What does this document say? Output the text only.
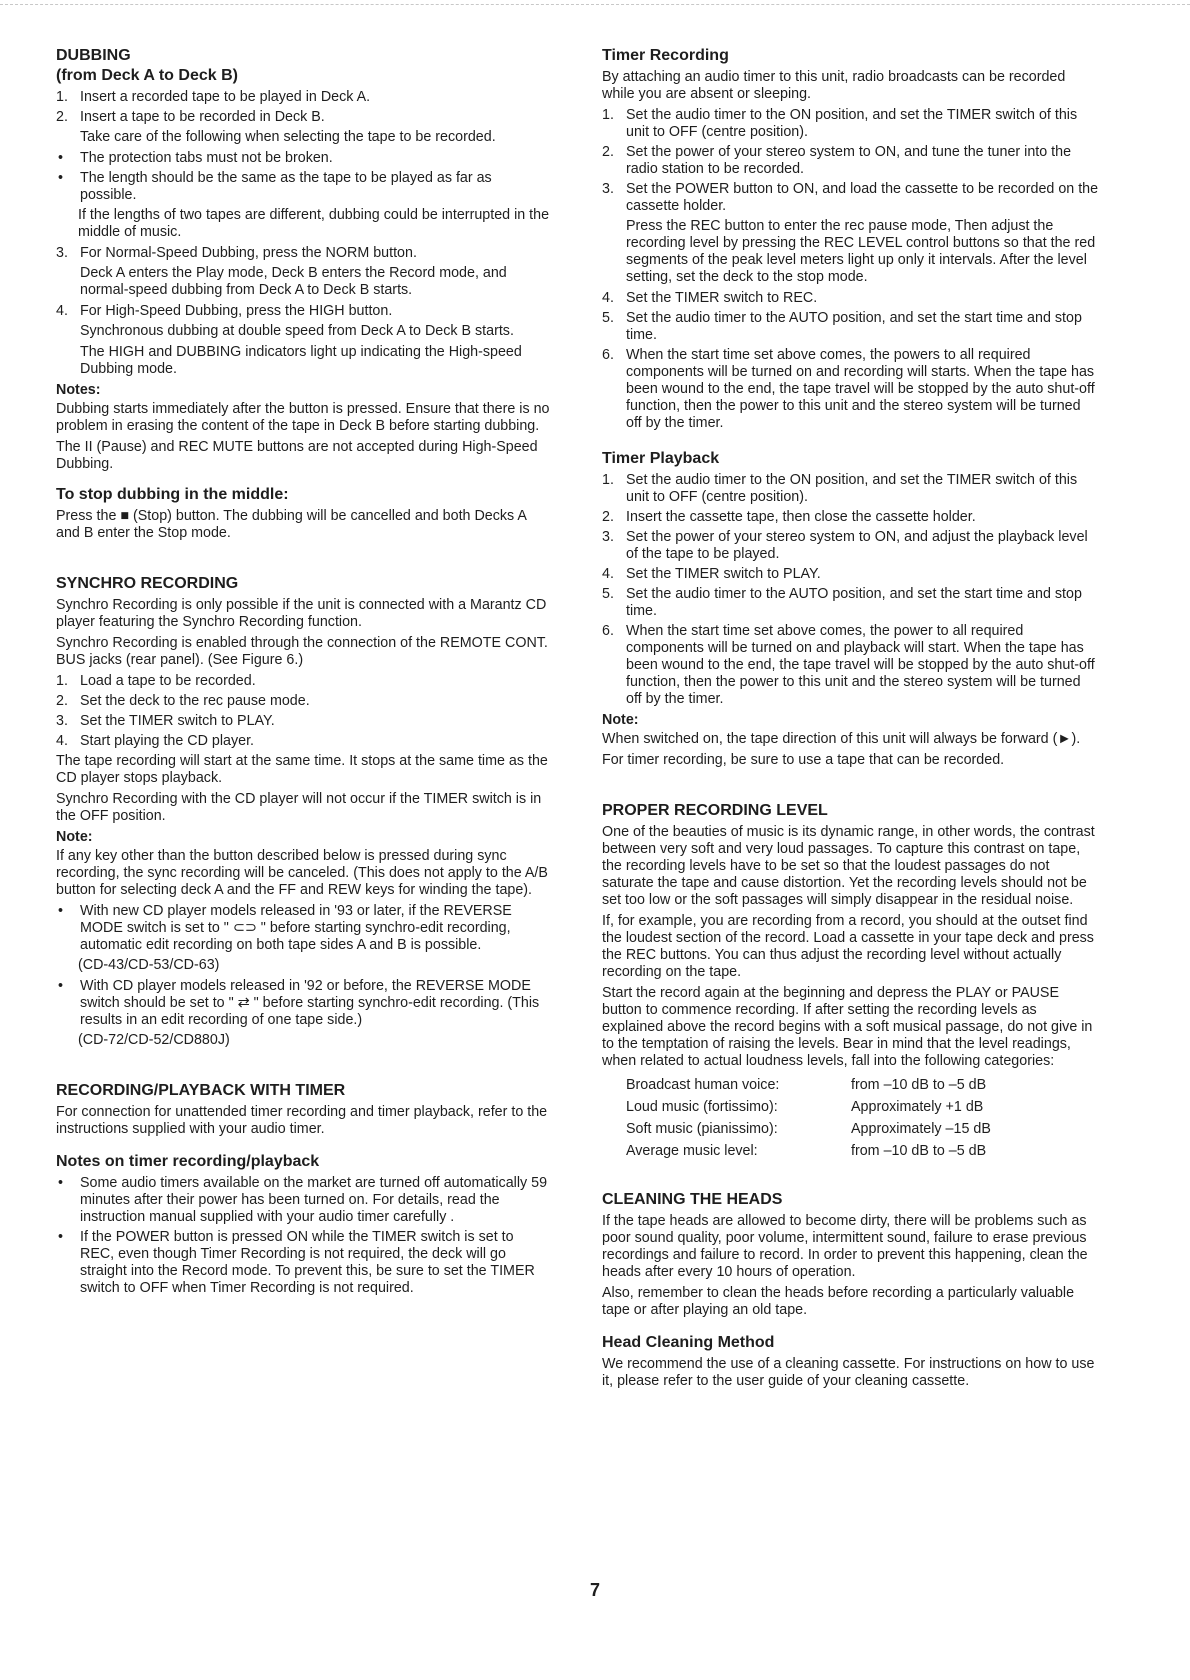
DUBBING
(from Deck A to Deck B)
1. Insert a recorded tape to be played in Deck A.
2. Insert a tape to be recorded in Deck B.

Take care of the following when selecting the tape to be recorded.

•	The protection tabs must not be broken.
•	The length should be the same as the tape to be played as far as possible.

If the lengths of two tapes are different, dubbing could be interrupted in the middle of music.

3. For Normal-Speed Dubbing, press the NORM button.

Deck A enters the Play mode, Deck B enters the Record mode, and normal-speed dubbing from Deck A to Deck B starts.

4. For High-Speed Dubbing, press the HIGH button.

Synchronous dubbing at double speed from Deck A to Deck B starts.

The HIGH and DUBBING indicators light up indicating the High-speed Dubbing mode.

Notes:

Dubbing starts immediately after the button is pressed. Ensure that there is no problem in erasing the content of the tape in Deck B before starting dubbing.

The II (Pause) and REC MUTE buttons are not accepted during High-Speed Dubbing.

To stop dubbing in the middle:

Press the ■ (Stop) button. The dubbing will be cancelled and both Decks A and B enter the Stop mode.

SYNCHRO RECORDING

Synchro Recording is only possible if the unit is connected with a Marantz CD player featuring the Synchro Recording function.

Synchro Recording is enabled through the connection of the REMOTE CONT. BUS jacks (rear panel). (See Figure 6.)

1. Load a tape to be recorded.
2. Set the deck to the rec pause mode.
3. Set the TIMER switch to PLAY.
4. Start playing the CD player.

The tape recording will start at the same time. It stops at the same time as the CD player stops playback.

Synchro Recording with the CD player will not occur if the TIMER switch is in the OFF position.

Note:

If any key other than the button described below is pressed during sync recording, the sync recording will be canceled. (This does not apply to the A/B button for selecting deck A and the FF and REW keys for winding the tape).

•	With new CD player models released in '93 or later, if the REVERSE MODE switch is set to " ⊂⊃ " before starting synchro-edit recording, automatic edit recording on both tape sides A and B is possible.

(CD-43/CD-53/CD-63)

•	With CD player models released in '92 or before, the REVERSE MODE switch should be set to " ⇄ " before starting synchro-edit recording. (This results in an edit recording of one tape side.)

(CD-72/CD-52/CD880J)

RECORDING/PLAYBACK WITH TIMER

For connection for unattended timer recording and timer playback, refer to the instructions supplied with your audio timer.

Notes on timer recording/playback
•	Some audio timers available on the market are turned off automatically 59 minutes after their power has been turned on. For details, read the instruction manual supplied with your audio timer carefully .
•	If the POWER button is pressed ON while the TIMER switch is set to REC, even though Timer Recording is not required, the deck will go straight into the Record mode. To prevent this, be sure to set the TIMER switch to OFF when Timer Recording is not required.
Timer Recording

By attaching an audio timer to this unit, radio broadcasts can be recorded while you are absent or sleeping.

1. Set the audio timer to the ON position, and set the TIMER switch of this unit to OFF (centre position).
2. Set the power of your stereo system to ON, and tune the tuner into the radio station to be recorded.
3. Set the POWER button to ON, and load the cassette to be recorded on the cassette holder.

Press the REC button to enter the rec pause mode, Then adjust the recording level by pressing the REC LEVEL control buttons so that the red segments of the peak level meters light up only it intervals. After the level setting, set the deck to the stop mode.

4. Set the TIMER switch to REC.
5. Set the audio timer to the AUTO position, and set the start time and stop time.
6. When the start time set above comes, the powers to all required components will be turned on and recording will starts. When the tape has been wound to the end, the tape travel will be stopped by the auto shut-off function, then the power to this unit and the stereo system will be turned off by the timer.
Timer Playback
1. Set the audio timer to the ON position, and set the TIMER switch of this unit to OFF (centre position).
2. Insert the cassette tape, then close the cassette holder.
3. Set the power of your stereo system to ON, and adjust the playback level of the tape to be played.
4. Set the TIMER switch to PLAY.
5. Set the audio timer to the AUTO position, and set the start time and stop time.
6. When the start time set above comes, the power to all required components will be turned on and playback will start. When the tape has been wound to the end, the tape travel will be stopped by the auto shut-off function, then the power to this unit and the stereo system will be turned off by the timer.
Note:

When switched on, the tape direction of this unit will always be forward (►).

For timer recording, be sure to use a tape that can be recorded.

PROPER RECORDING LEVEL

One of the beauties of music is its dynamic range, in other words, the contrast between very soft and very loud passages. To capture this contrast on tape, the recording levels have to be set so that the loudest passages do not saturate the tape and cause distortion. Yet the recording levels should not be set too low or the soft passages will simply disappear in the residual noise.

If, for example, you are recording from a record, you should at the outset find the loudest section of the record. Load a cassette in your tape deck and press the REC buttons. You can thus adjust the recording level without actually recording on the tape.

Start the record again at the beginning and depress the PLAY or PAUSE button to commence recording. If after setting the recording levels as explained above the record begins with a soft musical passage, do not give in to the temptation of raising the levels. Bear in mind that the level readings, when related to actual loudness levels, fall into the following categories:

Broadcast human voice:	from –10 dB to –5 dB
Loud music (fortissimo):	Approximately +1 dB
Soft music (pianissimo):	Approximately –15 dB
Average music level:	from –10 dB to –5 dB
CLEANING THE HEADS

If the tape heads are allowed to become dirty, there will be problems such as poor sound quality, poor volume, intermittent sound, failure to erase previous recordings and failure to record. In order to prevent this happening, clean the heads after every 10 hours of operation.

Also, remember to clean the heads before recording a particularly valuable tape or after playing an old tape.

Head Cleaning Method

We recommend the use of a cleaning cassette. For instructions on how to use it, please refer to the user guide of your cleaning cassette.

7
